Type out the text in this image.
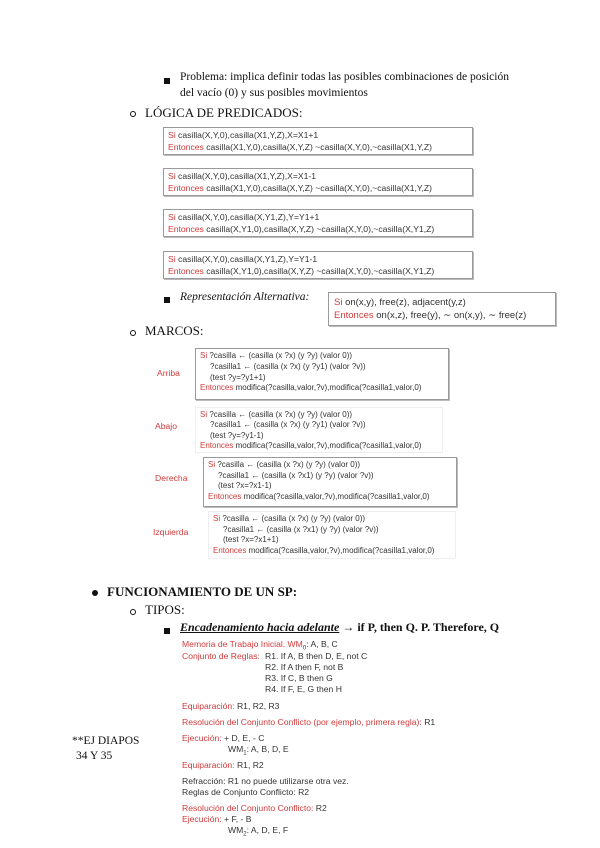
Problema: implica definir todas las posibles combinaciones de posición
del vacío (0) y sus posibles movimientos
LÓGICA DE PREDICADOS:
Si casilla(X,Y,0),casilla(X1,Y,Z),X=X1+1
Entonces casilla(X1,Y,0),casilla(X,Y,Z) ~casilla(X,Y,0),~casilla(X1,Y,Z)
Si casilla(X,Y,0),casilla(X1,Y,Z),X=X1-1
Entonces casilla(X1,Y,0),casilla(X,Y,Z) ~casilla(X,Y,0),~casilla(X1,Y,Z)
Si casilla(X,Y,0),casilla(X,Y1,Z),Y=Y1+1
Entonces casilla(X,Y1,0),casilla(X,Y,Z) ~casilla(X,Y,0),~casilla(X,Y1,Z)
Si casilla(X,Y,0),casilla(X,Y1,Z),Y=Y1-1
Entonces casilla(X,Y1,0),casilla(X,Y,Z) ~casilla(X,Y,0),~casilla(X,Y1,Z)
Representación Alternativa:	Si on(x,y), free(z), adjacent(y,z)
Entonces on(x,z), free(y), ∼ on(x,y), ∼ free(z)
MARCOS:
Arriba
Si ?casilla ← (casilla (x ?x) (y ?y) (valor 0))
?casilla1 ← (casilla (x ?x) (y ?y1) (valor ?v))
(test ?y=?y1+1)
Entonces modifica(?casilla,valor,?v),modifica(?casilla1,valor,0)
Abajo
Si ?casilla ← (casilla (x ?x) (y ?y) (valor 0))
?casilla1 ← (casilla (x ?x) (y ?y1) (valor ?v))
(test ?y=?y1-1)
Entonces modifica(?casilla,valor,?v),modifica(?casilla1,valor,0)
Derecha
Si ?casilla ← (casilla (x ?x) (y ?y) (valor 0))
?casilla1 ← (casilla (x ?x1) (y ?y) (valor ?v))
(test ?x=?x1-1)
Entonces modifica(?casilla,valor,?v),modifica(?casilla1,valor,0)
Izquierda
Si ?casilla ← (casilla (x ?x) (y ?y) (valor 0))
?casilla1 ← (casilla (x ?x1) (y ?y) (valor ?v))
(test ?x=?x1+1)
Entonces modifica(?casilla,valor,?v),modifica(?casilla1,valor,0)
FUNCIONAMIENTO DE UN SP:
TIPOS:
Encadenamiento hacia adelante → if P, then Q. P. Therefore, Q
Memoria de Trabajo Inicial. $WM_0$: A, B, C
Conjunto de Reglas: R1. If A, B then D, E, not C
R2. If A then F, not B
R3. If C, B then G
R4. If F, E, G then H
Equiparación: R1, R2, R3
Resolución del Conjunto Conflicto (por ejemplo, primera regla): R1
Ejecución: + D, E, - C
$WM_1$: A, B, D, E
Equiparación: R1, R2
Refracción: R1 no puede utilizarse otra vez.
Reglas de Conjunto Conflicto: R2
Resolución del Conjunto Conflicto: R2
Ejecución: + F, - B
$WM_2$: A, D, E, F
**EJ DIAPOS
34 Y 35
